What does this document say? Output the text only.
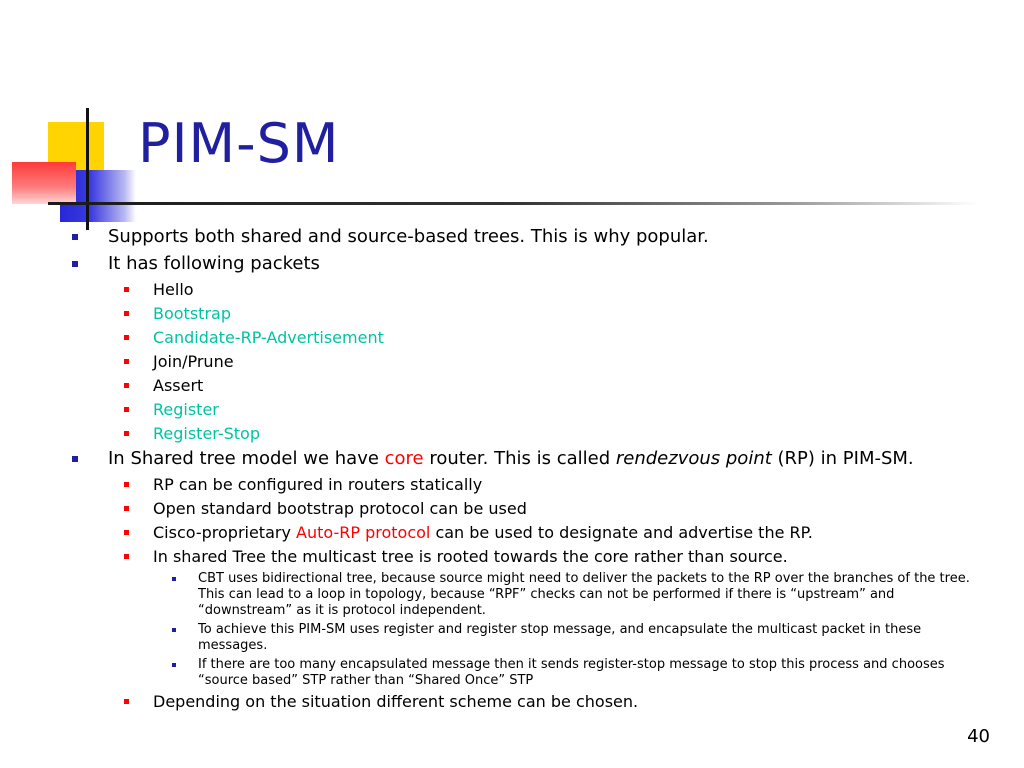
PIM-SM
Supports both shared and source-based trees. This is why popular.
It has following packets
Hello
Bootstrap
Candidate-RP-Advertisement
Join/Prune
Assert
Register
Register-Stop
In Shared tree model we have core router. This is called rendezvous point (RP) in PIM-SM.
RP can be configured in routers statically
Open standard bootstrap protocol can be used
Cisco-proprietary Auto-RP protocol can be used to designate and advertise the RP.
In shared Tree the multicast tree is rooted towards the core rather than source.
CBT uses bidirectional tree, because source might need to deliver the packets to the RP over the branches of the tree. This can lead to a loop in topology, because “RPF” checks can not be performed if there is “upstream” and “downstream” as it is protocol independent.
To achieve this PIM-SM uses register and register stop message, and encapsulate the multicast packet in these messages.
If there are too many encapsulated message then it sends register-stop message to stop this process and chooses “source based” STP rather than “Shared Once” STP
Depending on the situation different scheme can be chosen.
40
